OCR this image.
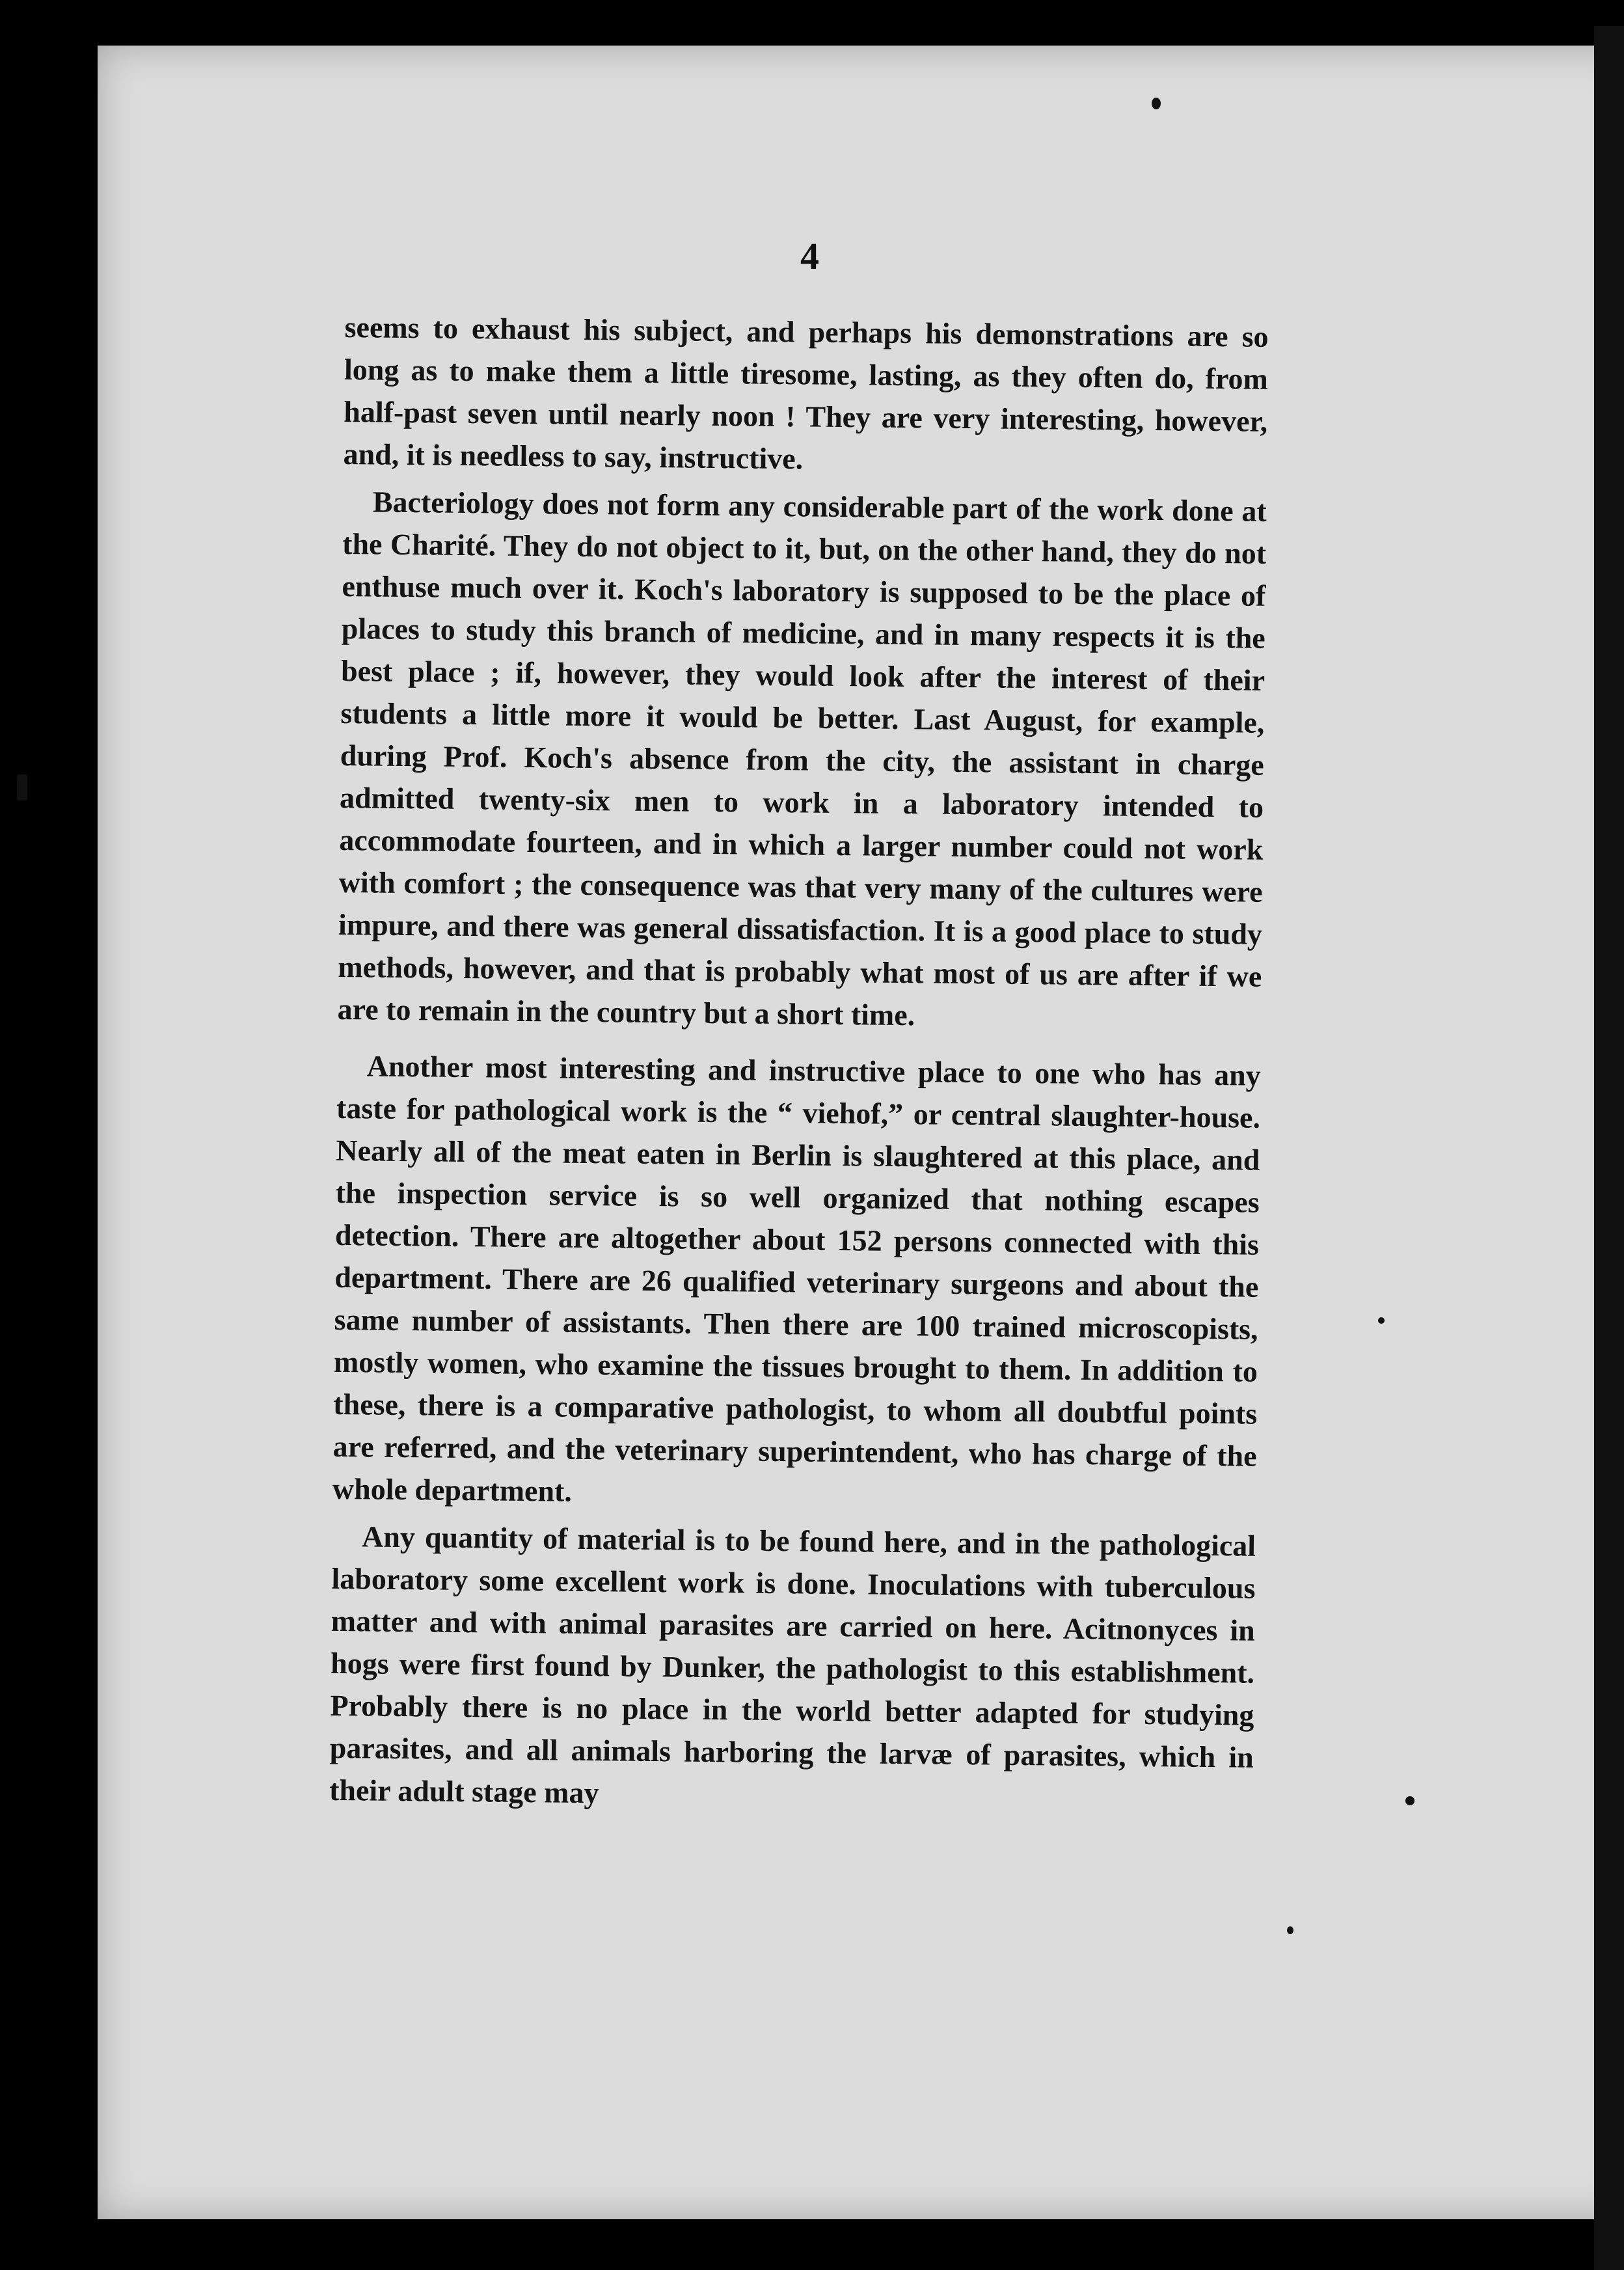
4

seems to exhaust his subject, and perhaps his demonstrations are so long as to make them a little tiresome, lasting, as they often do, from half-past seven until nearly noon ! They are very interesting, however, and, it is needless to say, instructive.

Bacteriology does not form any considerable part of the work done at the Charité. They do not object to it, but, on the other hand, they do not enthuse much over it. Koch's laboratory is supposed to be the place of places to study this branch of medicine, and in many respects it is the best place ; if, however, they would look after the interest of their students a little more it would be better. Last August, for example, during Prof. Koch's absence from the city, the assistant in charge admitted twenty-six men to work in a laboratory intended to accommodate fourteen, and in which a larger number could not work with comfort ; the consequence was that very many of the cultures were impure, and there was general dissatisfaction. It is a good place to study methods, however, and that is probably what most of us are after if we are to remain in the country but a short time.

Another most interesting and instructive place to one who has any taste for pathological work is the “ viehof,” or central slaughter-house. Nearly all of the meat eaten in Berlin is slaughtered at this place, and the inspection service is so well organized that nothing escapes detection. There are altogether about 152 persons connected with this department. There are 26 qualified veterinary surgeons and about the same number of assistants. Then there are 100 trained microscopists, mostly women, who examine the tissues brought to them. In addition to these, there is a comparative pathologist, to whom all doubtful points are referred, and the veterinary superintendent, who has charge of the whole department.

Any quantity of material is to be found here, and in the pathological laboratory some excellent work is done. Inoculations with tuberculous matter and with animal parasites are carried on here. Acitnonyces in hogs were first found by Dunker, the pathologist to this establishment. Probably there is no place in the world better adapted for studying parasites, and all animals harboring the larvæ of parasites, which in their adult stage may
